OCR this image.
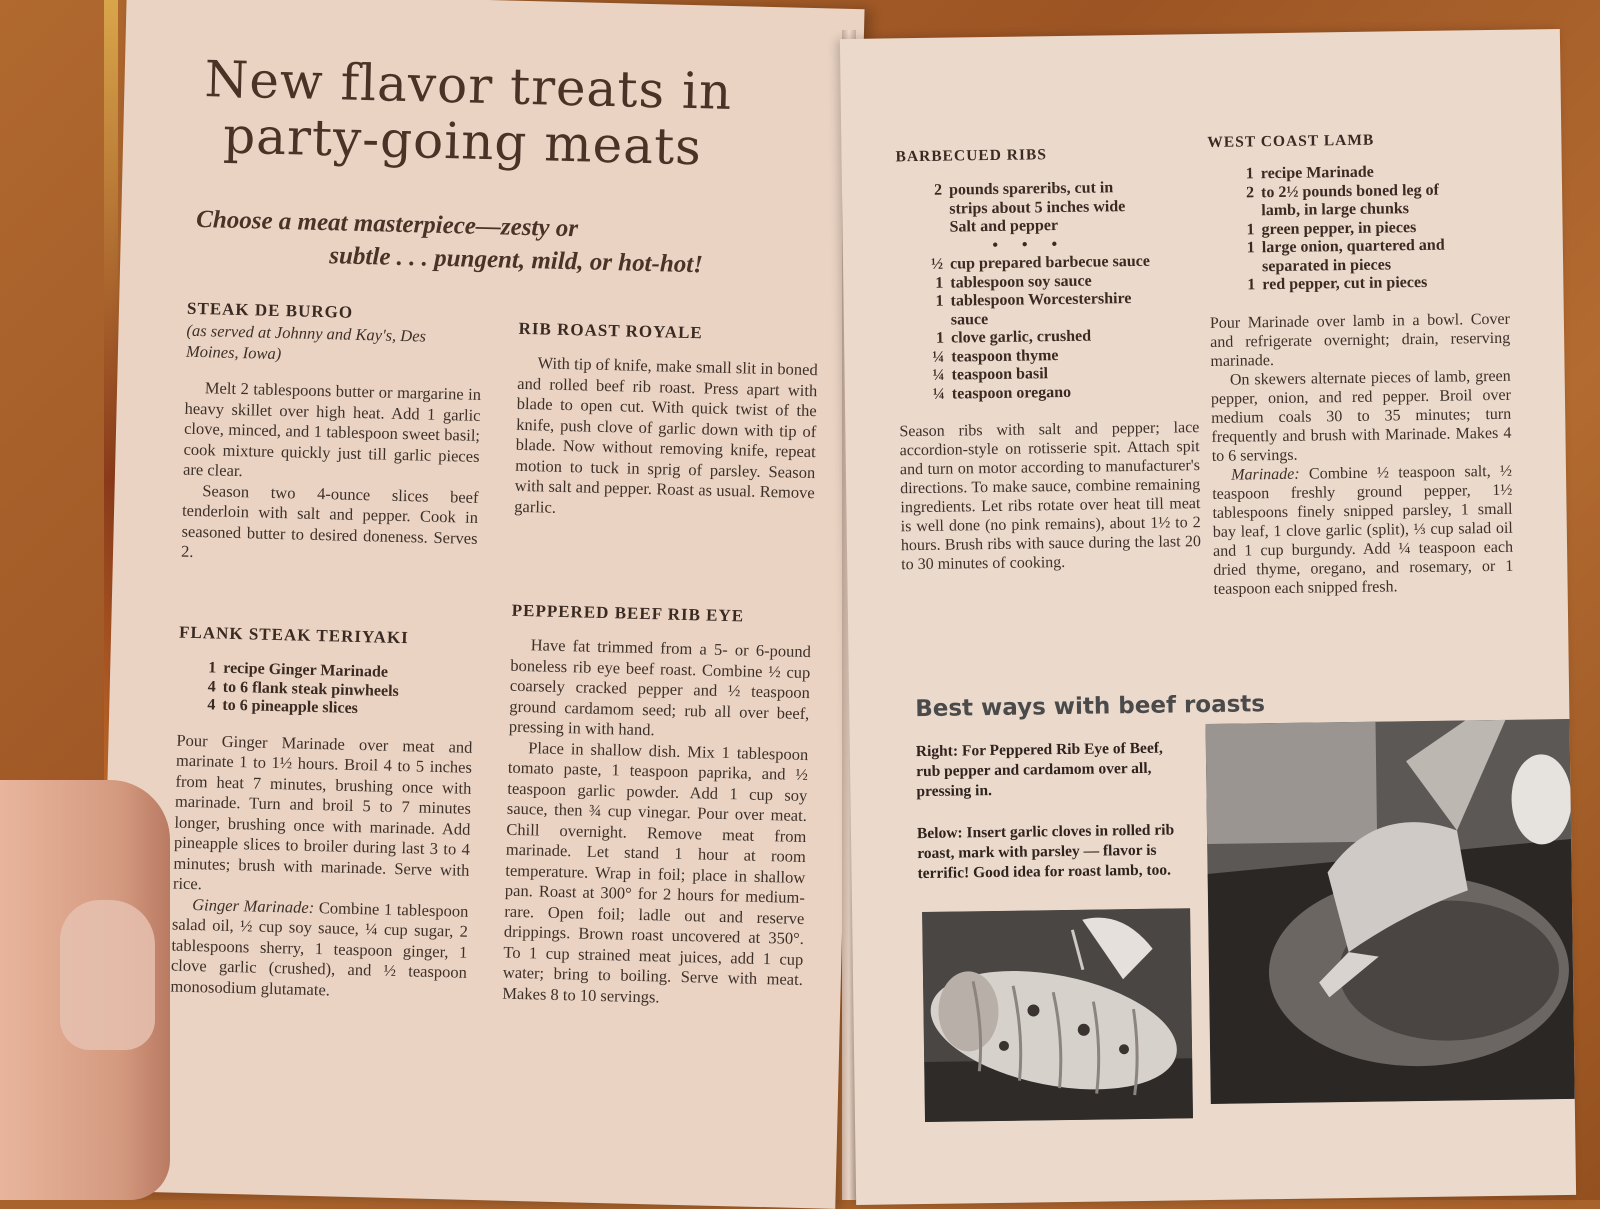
New flavor treats in
party-going meats
Choose a meat masterpiece—zesty or
subtle . . . pungent, mild, or hot-hot!
STEAK DE BURGO
(as served at Johnny and Kay's, Des Moines, Iowa)

Melt 2 tablespoons butter or margarine in heavy skillet over high heat. Add 1 garlic clove, minced, and 1 tablespoon sweet basil; cook mixture quickly just till garlic pieces are clear.

Season two 4-ounce slices beef tenderloin with salt and pepper. Cook in seasoned butter to desired doneness. Serves 2.

FLANK STEAK TERIYAKI
1 recipe Ginger Marinade
4 to 6 flank steak pinwheels
4 to 6 pineapple slices

Pour Ginger Marinade over meat and marinate 1 to 1½ hours. Broil 4 to 5 inches from heat 7 minutes, brushing once with marinade. Turn and broil 5 to 7 minutes longer, brushing once with marinade. Add pineapple slices to broiler during last 3 to 4 minutes; brush with marinade. Serve with rice.

Ginger Marinade: Combine 1 tablespoon salad oil, ½ cup soy sauce, ¼ cup sugar, 2 tablespoons sherry, 1 teaspoon ginger, 1 clove garlic (crushed), and ½ teaspoon monosodium glutamate.

RIB ROAST ROYALE

With tip of knife, make small slit in boned and rolled beef rib roast. Press apart with blade to open cut. With quick twist of the knife, push clove of garlic down with tip of blade. Now without removing knife, repeat motion to tuck in sprig of parsley. Season with salt and pepper. Roast as usual. Remove garlic.

PEPPERED BEEF RIB EYE

Have fat trimmed from a 5- or 6-pound boneless rib eye beef roast. Combine ½ cup coarsely cracked pepper and ½ teaspoon ground cardamom seed; rub all over beef, pressing in with hand.

Place in shallow dish. Mix 1 tablespoon tomato paste, 1 teaspoon paprika, and ½ teaspoon garlic powder. Add 1 cup soy sauce, then ¾ cup vinegar. Pour over meat. Chill overnight. Remove meat from marinade. Let stand 1 hour at room temperature. Wrap in foil; place in shallow pan. Roast at 300° for 2 hours for medium-rare. Open foil; ladle out and reserve drippings. Brown roast uncovered at 350°. To 1 cup strained meat juices, add 1 cup water; bring to boiling. Serve with meat. Makes 8 to 10 servings.

BARBECUED RIBS
2 pounds spareribs, cut in strips about 5 inches wide
Salt and pepper
• • •
½ cup prepared barbecue sauce
1 tablespoon soy sauce
1 tablespoon Worcestershire sauce
1 clove garlic, crushed
¼ teaspoon thyme
¼ teaspoon basil
¼ teaspoon oregano

Season ribs with salt and pepper; lace accordion-style on rotisserie spit. Attach spit and turn on motor according to manufacturer's directions. To make sauce, combine remaining ingredients. Let ribs rotate over heat till meat is well done (no pink remains), about 1½ to 2 hours. Brush ribs with sauce during the last 20 to 30 minutes of cooking.

WEST COAST LAMB
1 recipe Marinade
2 to 2½ pounds boned leg of lamb, in large chunks
1 green pepper, in pieces
1 large onion, quartered and separated in pieces
1 red pepper, cut in pieces

Pour Marinade over lamb in a bowl. Cover and refrigerate overnight; drain, reserving marinade.

On skewers alternate pieces of lamb, green pepper, onion, and red pepper. Broil over medium coals 30 to 35 minutes; turn frequently and brush with Marinade. Makes 4 to 6 servings.

Marinade: Combine ½ teaspoon salt, ½ teaspoon freshly ground pepper, 1½ tablespoons finely snipped parsley, 1 small bay leaf, 1 clove garlic (split), ⅓ cup salad oil and 1 cup burgundy. Add ¼ teaspoon each dried thyme, oregano, and rosemary, or 1 teaspoon each snipped fresh.

Best ways with beef roasts
Right: For Peppered Rib Eye of Beef, rub pepper and cardamom over all, pressing in.
Below: Insert garlic cloves in rolled rib roast, mark with parsley — flavor is terrific! Good idea for roast lamb, too.
